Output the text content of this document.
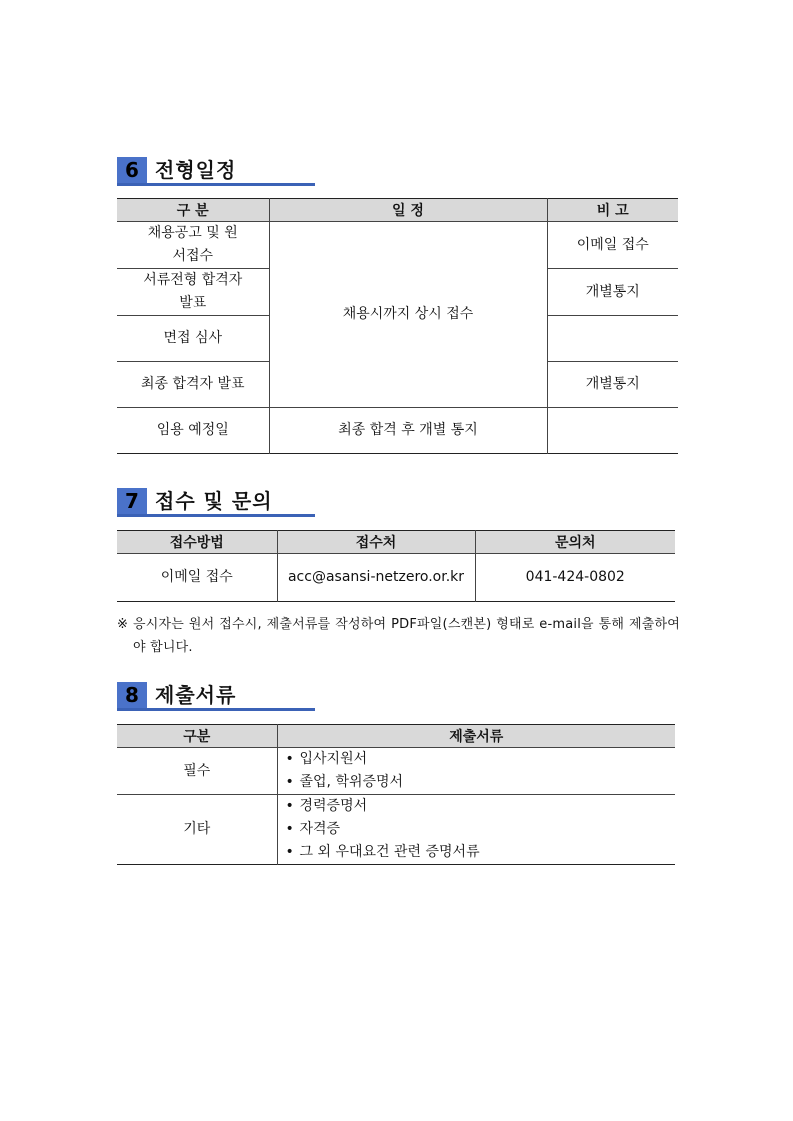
6 전형일정
구 분	일 정	비 고
채용공고 및 원서접수	채용시까지 상시 접수	이메일 접수
서류전형 합격자 발표		개별통지
면접 심사		
최종 합격자 발표		개별통지
임용 예정일	최종 합격 후 개별 통지	
7 접수 및 문의
접수방법	접수처	문의처
이메일 접수	acc@asansi-netzero.or.kr	041-424-0802
※ 응시자는 원서 접수시, 제출서류를 작성하여 PDF파일(스캔본) 형태로 e-mail을 통해 제출하여야 합니다.
8 제출서류
구분	제출서류
필수	• 입사지원서
• 졸업, 학위증명서

기타	• 경력증명서
• 자격증
• 그 외 우대요건 관련 증명서류
